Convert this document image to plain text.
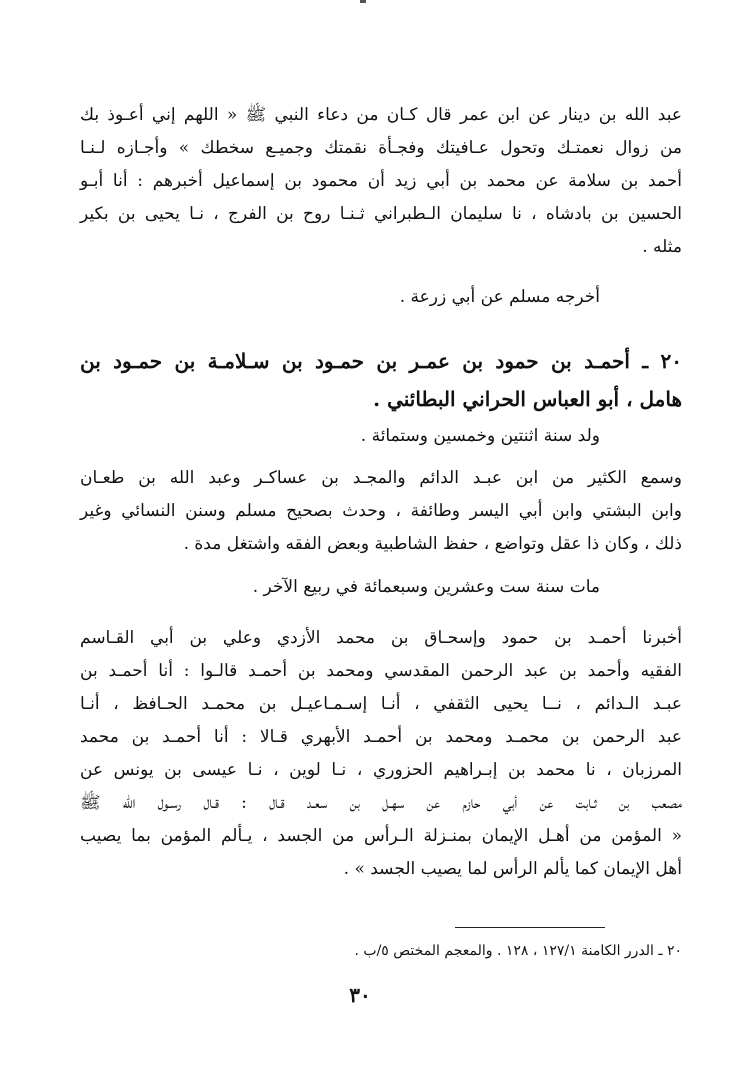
عبد الله بن دينار عن ابن عمر قال كـان من دعاء النبي ﷺ « اللهم إني أعـوذ بك
من زوال نعمتـك وتحول عـافيتك وفجـأة نقمتك وجميـع سخطك » وأجـازه لـنـا
أحمد بن سلامة عن محمد بن أبي زيد أن محمود بن إسماعيل أخبرهم : أنا أبـو
الحسين بن بادشاه ، نا سليمان الـطبراني ثـنـا روح بن الفرج ، نـا يحيى بن بكير
مثله .
أخرجه مسلم عن أبي زرعة .
٢٠ ـ أحمـد بن حمود بن عمـر بن حمـود بن سـلامـة بن حمـود بن
هامل ، أبو العباس الحراني البطائني .
ولد سنة اثنتين وخمسين وستمائة .
وسمع الكثير من ابن عبـد الدائم والمجـد بن عساكـر وعبد الله بن طعـان
وابن البشتي وابن أبي اليسر وطائفة ، وحدث بصحيح مسلم وسنن النسائي وغير
ذلك ، وكان ذا عقل وتواضع ، حفظ الشاطبية وبعض الفقه واشتغل مدة .
مات سنة ست وعشرين وسبعمائة في ربيع الآخر .
أخبرنا أحمـد بن حمود وإسحـاق بن محمد الأزدي وعلي بن أبي القـاسم
الفقيه وأحمد بن عبد الرحمن المقدسي ومحمد بن أحمـد قالـوا : أنا أحمـد بن
عبـد الـدائم ، نــا يحيى الثقفي ، أنـا إسـمـاعيـل بن محمـد الحـافظ ، أنـا
عبد الرحمن بن محمـد ومحمد بن أحمـد الأبهري قـالا : أنا أحمـد بن محمد
المرزبان ، نا محمد بن إبـراهيم الحزوري ، نـا لوين ، نـا عيسى بن يونس عن
مصعب بن ثـابت عن أبي حازم عن سهـل بن سعـد قـال : قـال رسـول الله ﷺ
« المؤمن من أهـل الإيمان بمنـزلة الـرأس من الجسد ، يـألم المؤمن بما يصيب
أهل الإيمان كما يألم الرأس لما يصيب الجسد » .
٢٠ ـ الدرر الكامنة ١٢٧/١ ، ١٢٨ . والمعجم المختص ٥/ب .
٣٠
